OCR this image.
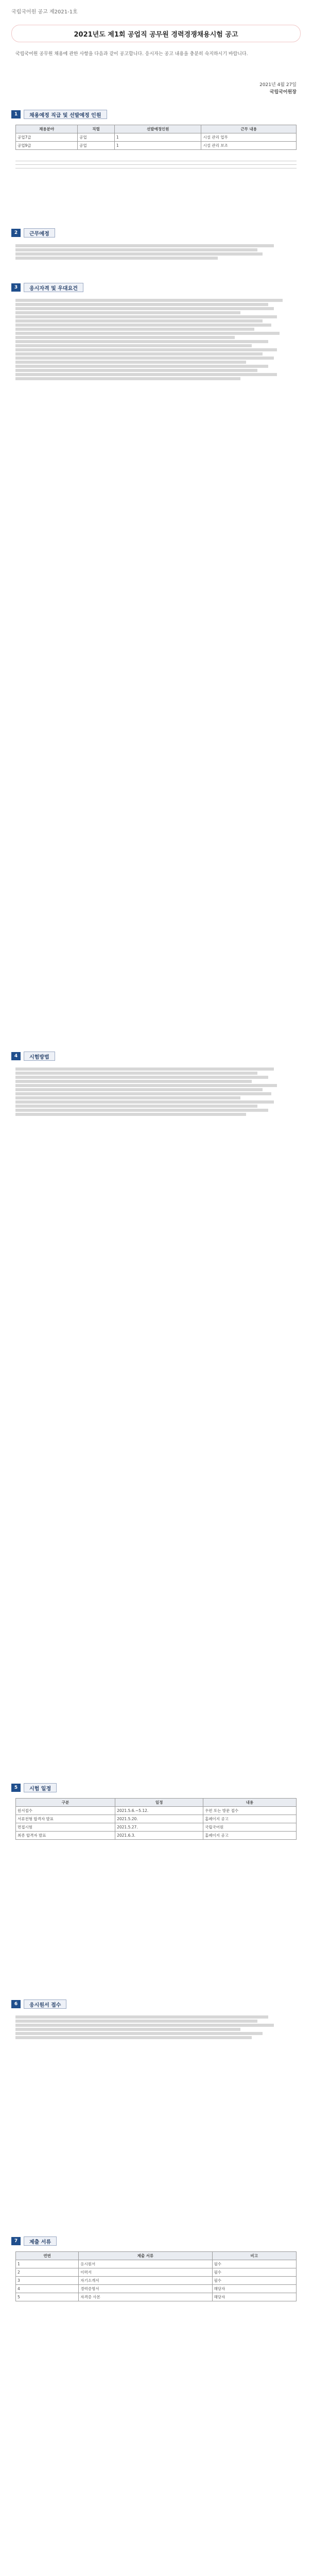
국립국어원 공고 제2021-1호
2021년도 제1회 공업직 공무원 경력경쟁채용시험 공고
국립국어원 공무원 채용에 관한 사항을 다음과 같이 공고합니다. 응시자는 공고 내용을 충분히 숙지하시기 바랍니다.
2021년 4월 27일
국립국어원장
1	채용예정 직급 및 선발예정 인원
채용분야	직렬	선발예정인원	근무 내용
공업7급	공업	1	시설 관리 업무
공업9급	공업	1	시설 관리 보조
2	근무예정
3	응시자격 및 우대요건
4	시험방법
5	시험 일정
구분	일정	내용
원서접수	2021.5.6.~5.12.	우편 또는 방문 접수
서류전형 합격자 발표	2021.5.20.	홈페이지 공고
면접시험	2021.5.27.	국립국어원
최종 합격자 발표	2021.6.3.	홈페이지 공고
6	응시원서 접수
7	제출 서류
연번	제출 서류	비고
1	응시원서	필수
2	이력서	필수
3	자기소개서	필수
4	경력증명서	해당자
5	자격증 사본	해당자
